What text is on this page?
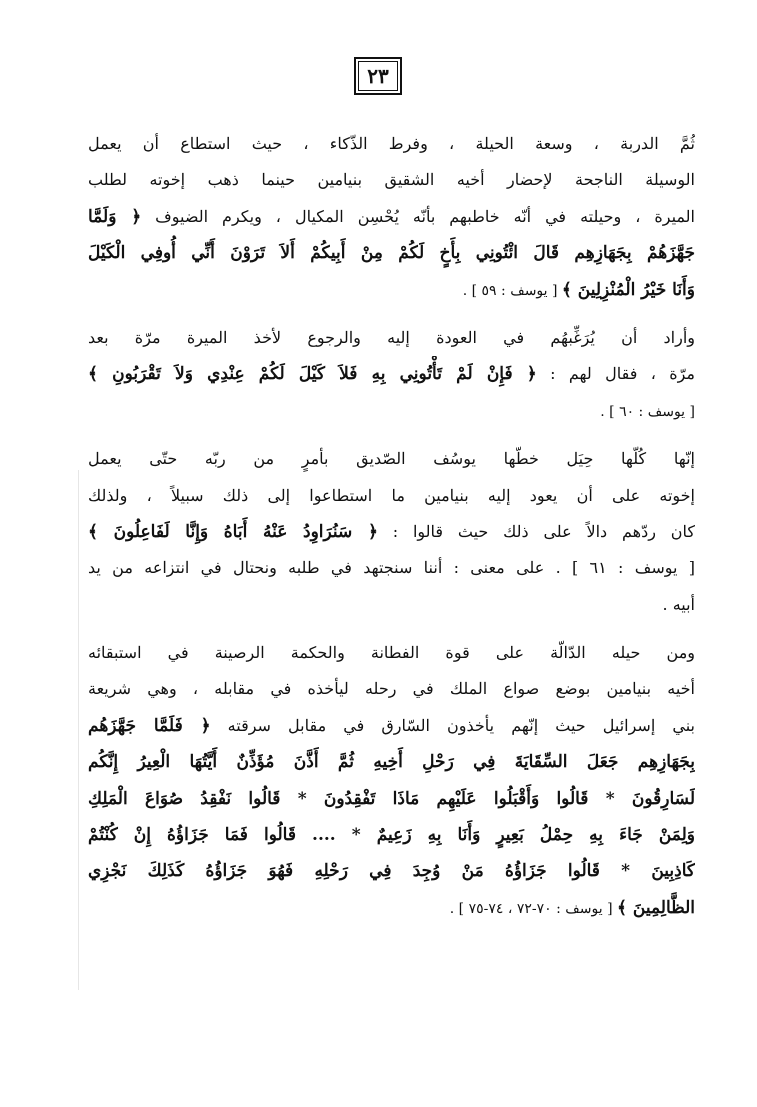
٢٣
ثُمَّ الدربة ، وسعة الحيلة ، وفرط الذّكاء ، حيث استطاع أن يعمل
الوسيلة الناجحة لإحضار أخيه الشقيق بنيامين حينما ذهب إخوته لطلب
الميرة ، وحيلته في أنّه خاطبهم بأنّه يُحْسِن المكيال ، ويكرم الضيوف ﴿ وَلَمَّا
جَهَّزَهُمْ بِجَهَازِهِم قَالَ ائْتُونِي بِأَخٍ لَكُمْ مِنْ أَبِيكُمْ أَلاَ تَرَوْنَ أَنِّي أُوفِي الْكَيْلَ
وَأَنَا خَيْرُ الْمُنْزِلِينَ ﴾ [ يوسف : ٥٩ ] .
وأراد أن يُرَغِّبهُم في العودة إليه والرجوع لأخذ الميرة مرّة بعد
مرّة ، فقال لهم : ﴿ فَإِنْ لَمْ تَأْتُونِي بِهِ فَلاَ كَيْلَ لَكُمْ عِنْدِي وَلاَ تَقْرَبُونِ ﴾
[ يوسف : ٦٠ ] .
إنّها كُلّها حِيَل خطّها يوسُف الصّديق بأمرٍ من ربّه حتّى يعمل
إخوته على أن يعود إليه بنيامين ما استطاعوا إلى ذلك سبيلاً ، ولذلك
كان ردّهم دالاً على ذلك حيث قالوا : ﴿ سَنُرَاوِدُ عَنْهُ أَبَاهُ وَإِنَّا لَفَاعِلُونَ ﴾
[ يوسف : ٦١ ] . على معنى : أننا سنجتهد في طلبه ونحتال في انتزاعه من يد
أبيه .
ومن حيله الدّالّة على قوة الفطانة والحكمة الرصينة في استبقائه
أخيه بنيامين بوضع صواع الملك في رحله ليأخذه في مقابله ، وهي شريعة
بني إسرائيل حيث إنّهم يأخذون السّارق في مقابل سرقته ﴿ فَلَمَّا جَهَّزَهُم
بِجَهَازِهِم جَعَلَ السِّقَايَةَ فِي رَحْلِ أَخِيهِ ثُمَّ أَذَّنَ مُؤَذِّنٌ أَيَّتُهَا الْعِيرُ إِنَّكُم
لَسَارِقُونَ * قَالُوا وَأَقْبَلُوا عَلَيْهِم مَاذَا تَفْقِدُونَ * قَالُوا نَفْقِدُ صُوَاعَ الْمَلِكِ
وَلِمَنْ جَاءَ بِهِ حِمْلُ بَعِيرٍ وَأَنَا بِهِ زَعِيمٌ * .... قَالُوا فَمَا جَزَاؤُهُ إِنْ كُنْتُمْ
كَاذِبِينَ * قَالُوا جَزَاؤُهُ مَنْ وُجِدَ فِي رَحْلِهِ فَهُوَ جَزَاؤُهُ كَذَلِكَ نَجْزِي
الظَّالِمِينَ ﴾ [ يوسف : ٧٠-٧٢ ، ٧٤-٧٥ ] .
